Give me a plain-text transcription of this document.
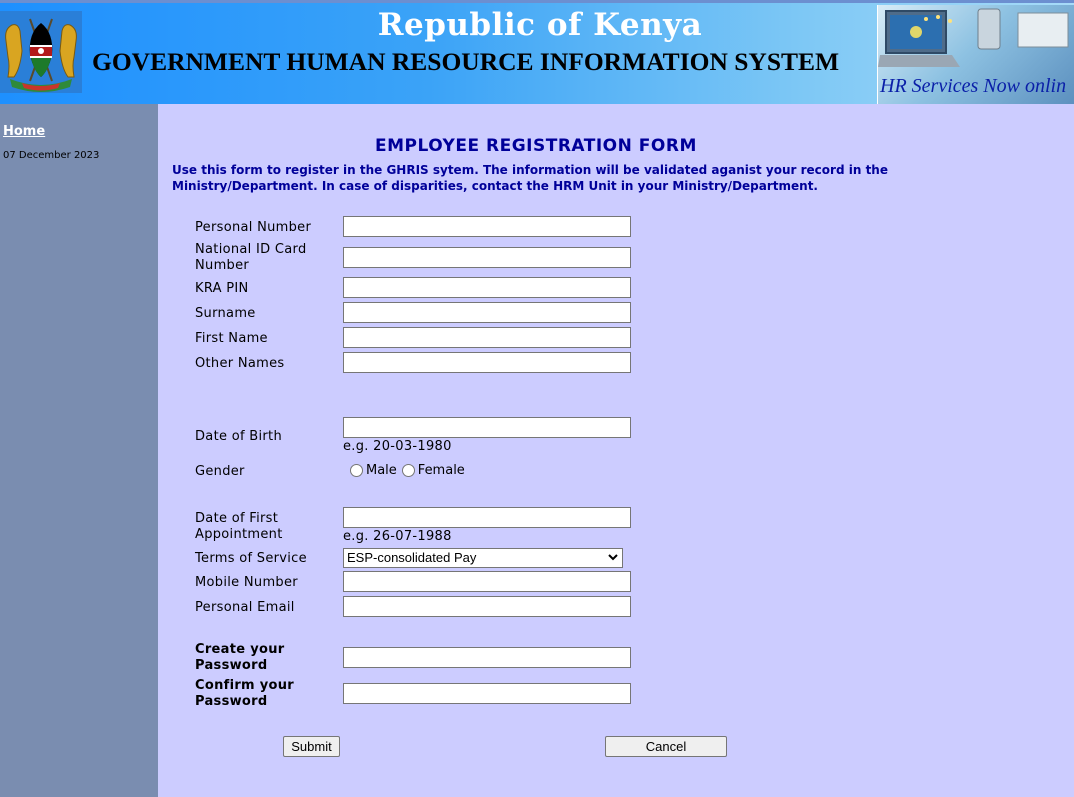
Republic of Kenya
GOVERNMENT HUMAN RESOURCE INFORMATION SYSTEM
HR Services Now onlin
Home
07 December 2023	EMPLOYEE REGISTRATION FORM
Use this form to register in the GHRIS sytem. The information will be validated aganist your record in the Ministry/Department. In case of disparities, contact the HRM Unit in your Ministry/Department.
Personal Number
National ID Card Number
KRA PIN
Surname
First Name
Other Names
Date of Birth
e.g. 20-03-1980
Gender	Male Female
Date of First Appointment	e.g. 26-07-1988
Terms of Service	ESP-consolidated Pay
Mobile Number
Personal Email
Create your Password
Confirm your Password
Submit	Cancel
